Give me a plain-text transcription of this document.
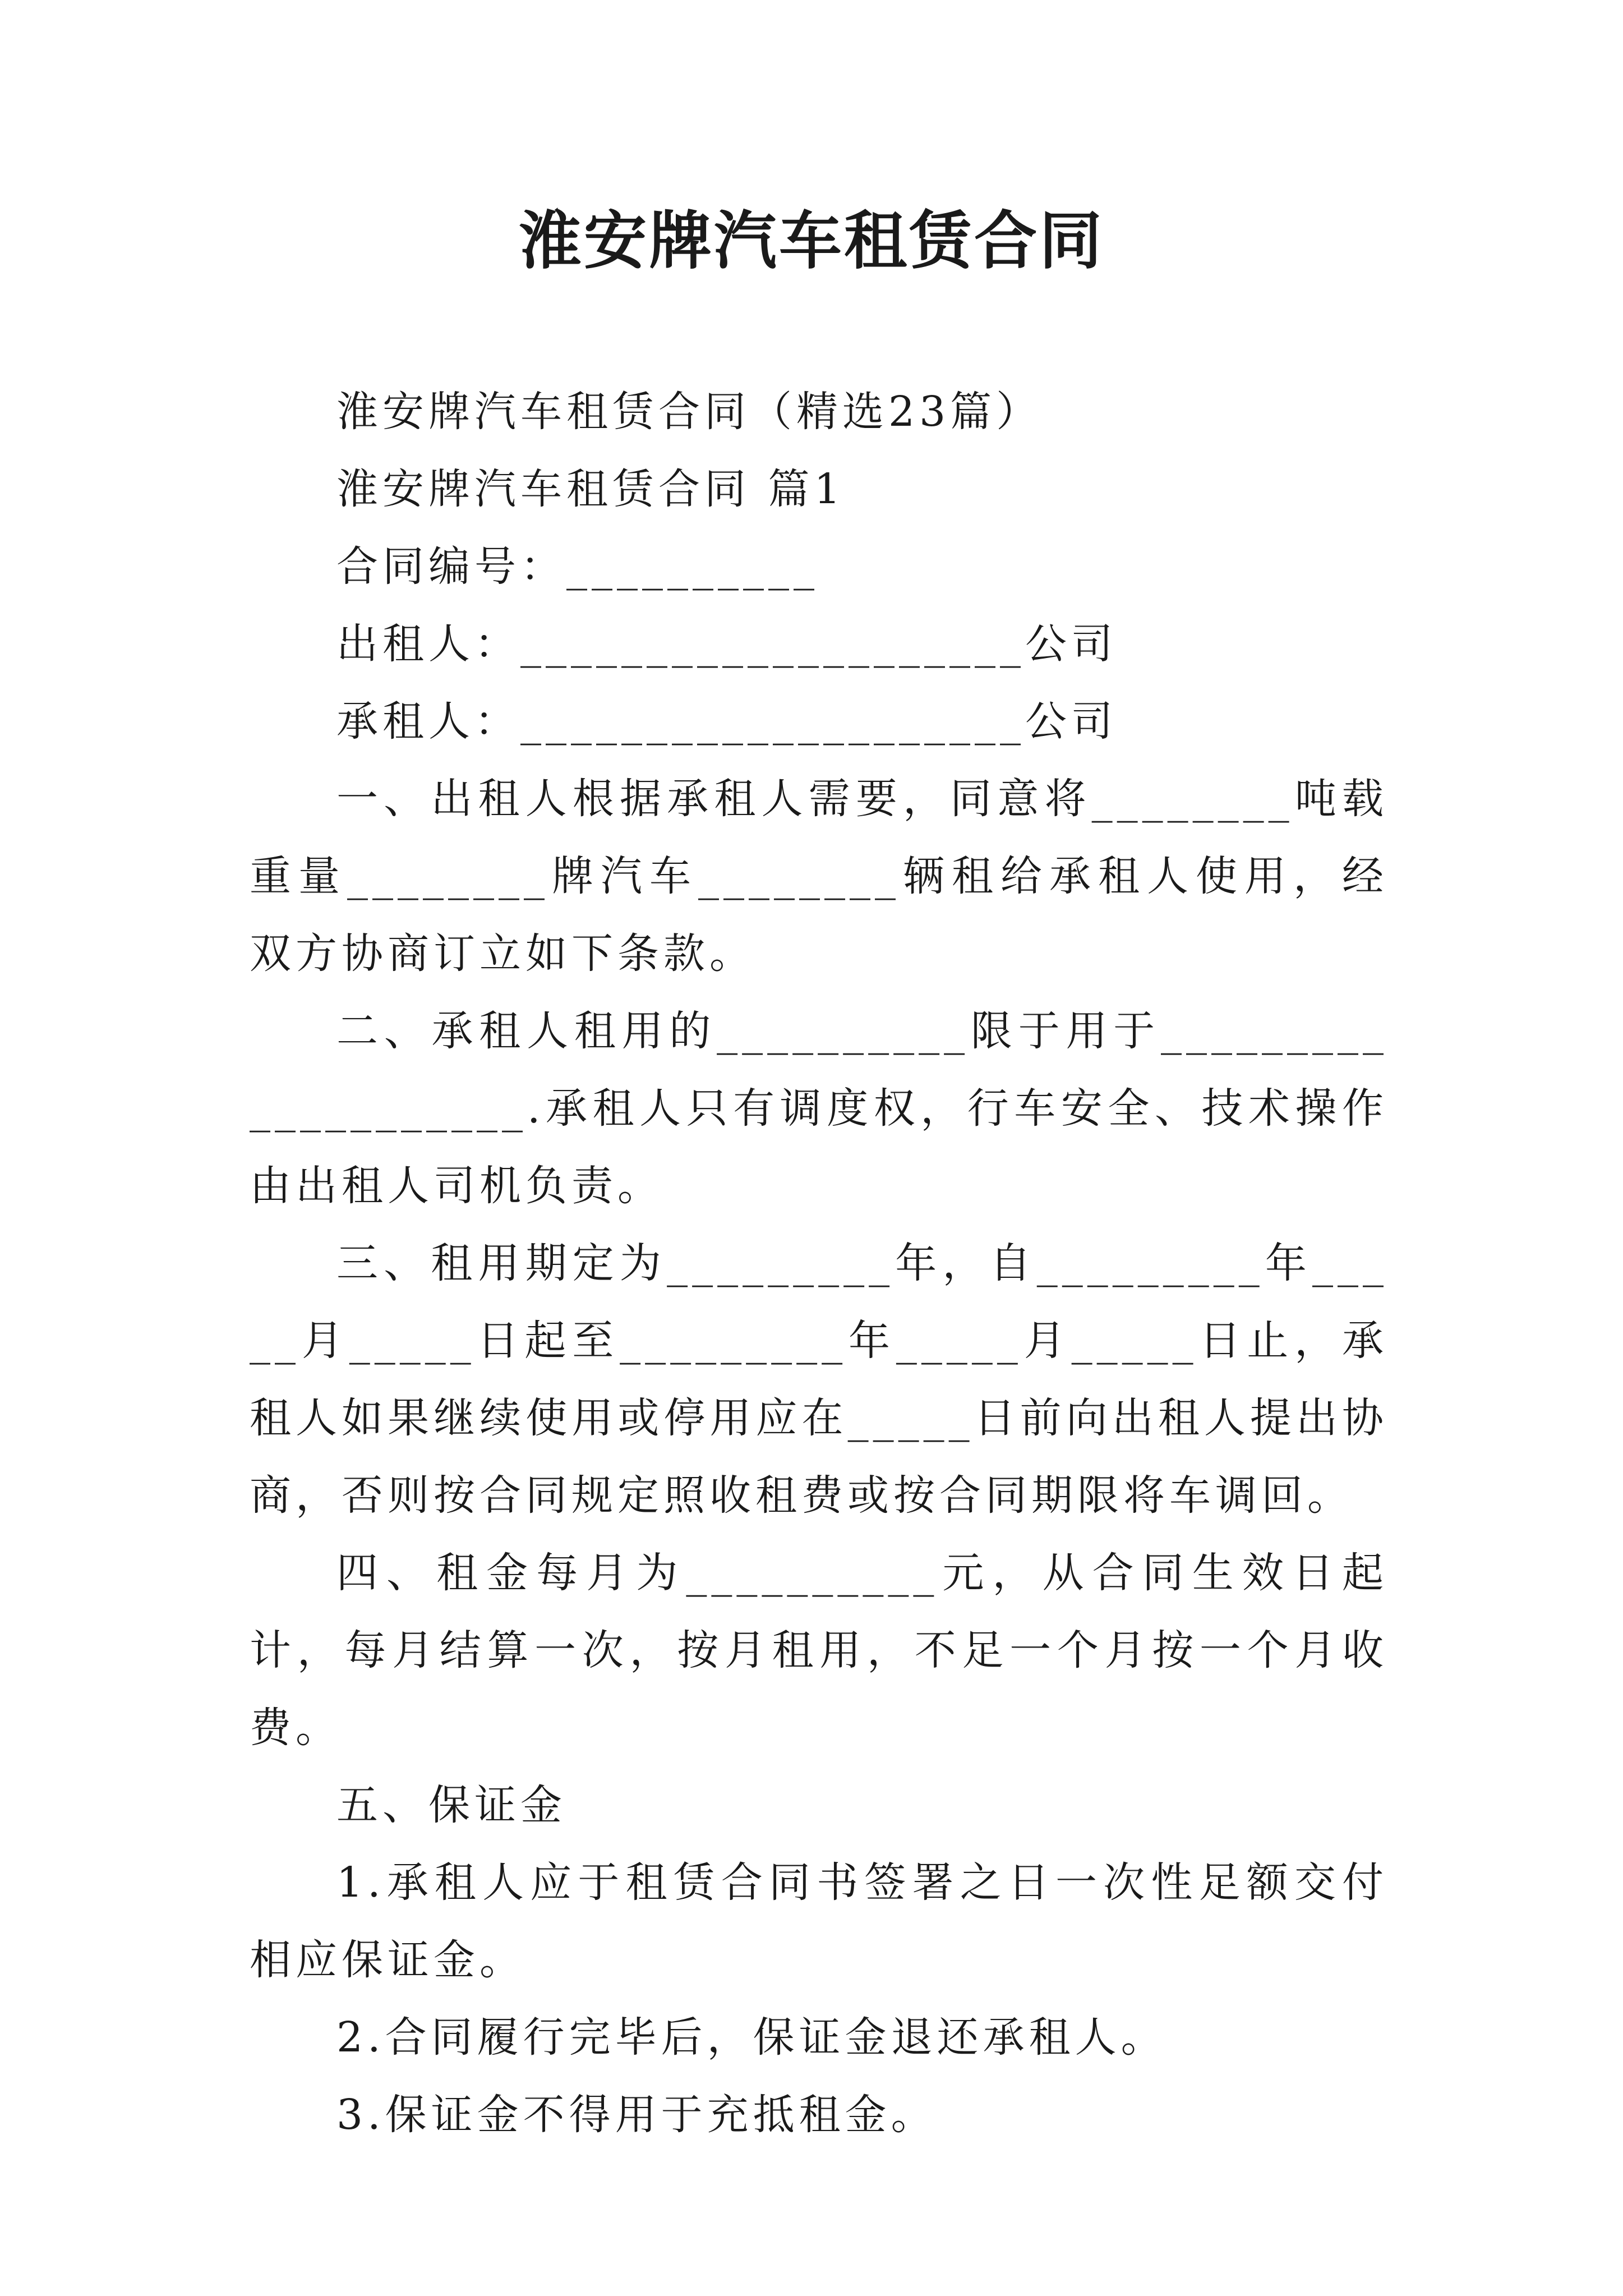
淮安牌汽车租赁合同

淮安牌汽车租赁合同（精选23篇）

淮安牌汽车租赁合同 篇1

合同编号：__________

出租人：____________________公司

承租人：____________________公司

一、出租人根据承租人需要，同意将________吨载重量________牌汽车________辆租给承租人使用，经双方协商订立如下条款。

二、承租人租用的__________限于用于____________________.承租人只有调度权，行车安全、技术操作由出租人司机负责。

三、租用期定为_________年，自_________年_____月_____日起至_________年_____月_____日止，承租人如果继续使用或停用应在_____日前向出租人提出协商，否则按合同规定照收租费或按合同期限将车调回。

四、租金每月为__________元，从合同生效日起计，每月结算一次，按月租用，不足一个月按一个月收费。

五、保证金

1.承租人应于租赁合同书签署之日一次性足额交付相应保证金。

2.合同履行完毕后，保证金退还承租人。

3.保证金不得用于充抵租金。
